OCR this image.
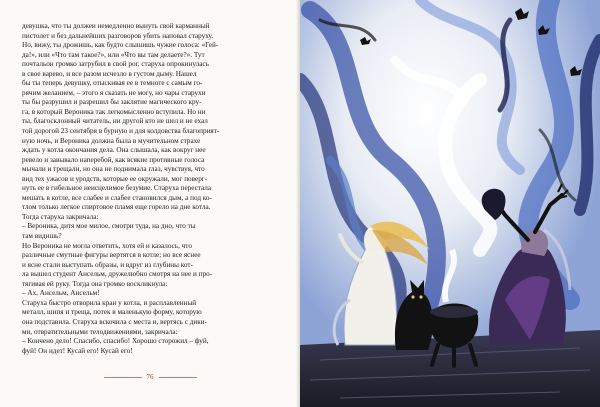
девушка, что ты должен немедленно вынуть свой карманный
пистолет и без дальнейших разговоров убить наповал старуху.
Но, вижу, ты дрожишь, как будто слышишь чужие голоса: «Гей-
да!», или «Что там такое?», или «Что вы там делаете?». Тут
почтальон громко затрубил в свой рог, старуха опрокинулась
в свое варево, и все разом исчезло в густом дыму. Нашел
бы ты теперь девушку, отыскивая ее в темноте с самым го-
рячим желанием, – этого я сказать не могу, но чары старухи
ты бы разрушил и разрешил бы заклятие магического кру-
га, в который Вероника так легкомысленно вступила. Но ни
ты, благосклонный читатель, ни другой кто не шел и не ехал
той дорогой 23 сентября в бурную и для колдовства благоприят-
ную ночь, и Вероника должна была в мучительном страхе
ждать у котла окончания дела. Она слышала, как вокруг нее
ревело и завывало наперебой, как всякие противные голоса
мычали и трещали, но она не поднимала глаз, чувствуя, что
вид тех ужасов и уродств, которые ее окружали, мог поверг-
нуть ее в гибельное неисцелимое безумие. Старуха перестала
мешать в котле, все слабее и слабее становился дым, а под ко-
тлом только легкое спиртовое пламя еще горело на дне котла.
Тогда старуха закричала:
– Вероника, дитя мое милое, смотри туда, на дно, что ты
там видишь?
Но Вероника не могла ответить, хотя ей и казалось, что
различные смутные фигуры вертятся в котле; но все яснее
и ясне стали выступать образы, и вдруг из глубины кот-
ла вышел студент Ансельм, дружелюбно смотря на нее и про-
тягивая ей руку. Тогда она громко воскликнула:
– Ах, Ансельм, Ансельм!
Старуха быстро отворила кран у котла, и расплавленный
металл, шипя и треща, потек в маленькую форму, которую
она подставила. Старуха вскочила с места и, вертясь с дики-
ми, отвратительными телодвижениями, закричала:
– Кончено дело! Спасибо, спасибо! Хорошо сторожил – фуй,
фуй! Он идет! Кусай его! Кусай его!
76
